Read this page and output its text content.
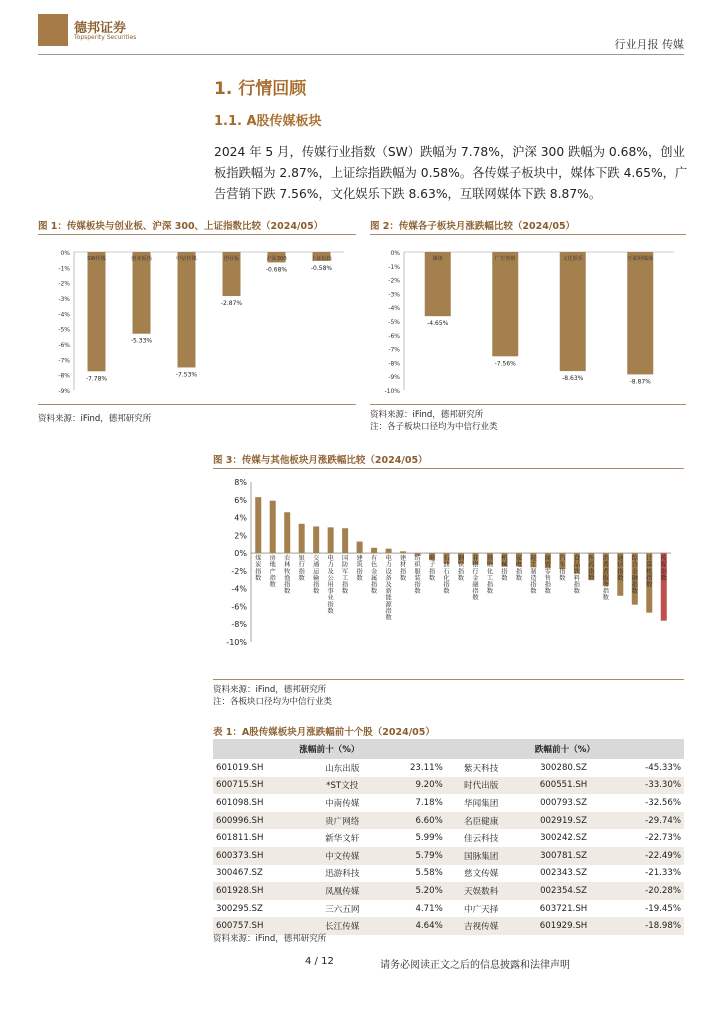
德邦证券
Topsperity Securities
行业月报 传媒
1. 行情回顾
1.1. A股传媒板块
2024 年 5 月，传媒行业指数（SW）跌幅为 7.78%，沪深 300 跌幅为 0.68%，创业板指跌幅为 2.87%，上证综指跌幅为 0.58%。各传媒子板块中，媒体下跌 4.65%，广告营销下跌 7.56%，文化娱乐下跌 8.63%，互联网媒体下跌 8.87%。
图 1：传媒板块与创业板、沪深 300、上证指数比较（2024/05）
0%
-1%
-2%
-3%
-4%
-5%
-6%
-7%
-8%
-9%
SW传媒
-7.78%
创业板指
-5.33%
中信传媒
-7.53%
创业板
-2.87%
沪深300
-0.68%
上证综指
-0.58%
资料来源：iFind，德邦研究所
图 2：传媒各子板块月涨跌幅比较（2024/05）
0%
-1%
-2%
-3%
-4%
-5%
-6%
-7%
-8%
-9%
-10%
媒体
-4.65%
广告营销
-7.56%
文化娱乐
-8.63%
互联网媒体
-8.87%
资料来源：iFind，德邦研究所
注：各子板块口径均为中信行业类
图 3：传媒与其他板块月涨跌幅比较（2024/05）
8%
6%
4%
2%
0%
-2%
-4%
-6%
-8%
-10%
煤炭指数
房地产指数
农林牧渔指数
银行指数
交通运输指数
电力及公用事业指数
国防军工指数
建筑指数
有色金属指数
电力设备及新能源指数
建材指数
纺织服装指数
电子指数
石油石化指数
钢铁指数
非银行金融指数
基础化工指数
机械指数
家电指数
轻工制造指数
商贸零售指数
汽车指数
食品饮料指数
医药指数
消费者服务指数
通信指数
综合金融指数
计算机指数
传媒指数
资料来源：iFind，德邦研究所
注：各板块口径均为中信行业类
表 1：A股传媒板块月涨跌幅前十个股（2024/05）
涨幅前十（%）			跌幅前十（%）		
601019.SH	山东出版	23.11%	紫天科技	300280.SZ	-45.33%
600715.SH	*ST文投	9.20%	时代出版	600551.SH	-33.30%
601098.SH	中南传媒	7.18%	华闻集团	000793.SZ	-32.56%
600996.SH	贵广网络	6.60%	名臣健康	002919.SZ	-29.74%
601811.SH	新华文轩	5.99%	佳云科技	300242.SZ	-22.73%
600373.SH	中文传媒	5.79%	国脉集团	300781.SZ	-22.49%
300467.SZ	迅游科技	5.58%	慈文传媒	002343.SZ	-21.33%
601928.SH	凤凰传媒	5.20%	天娱数科	002354.SZ	-20.28%
300295.SZ	三六五网	4.71%	中广天择	603721.SH	-19.45%
600757.SH	长江传媒	4.64%	吉视传媒	601929.SH	-18.98%
资料来源：iFind，德邦研究所
4 / 12	请务必阅读正文之后的信息披露和法律声明
